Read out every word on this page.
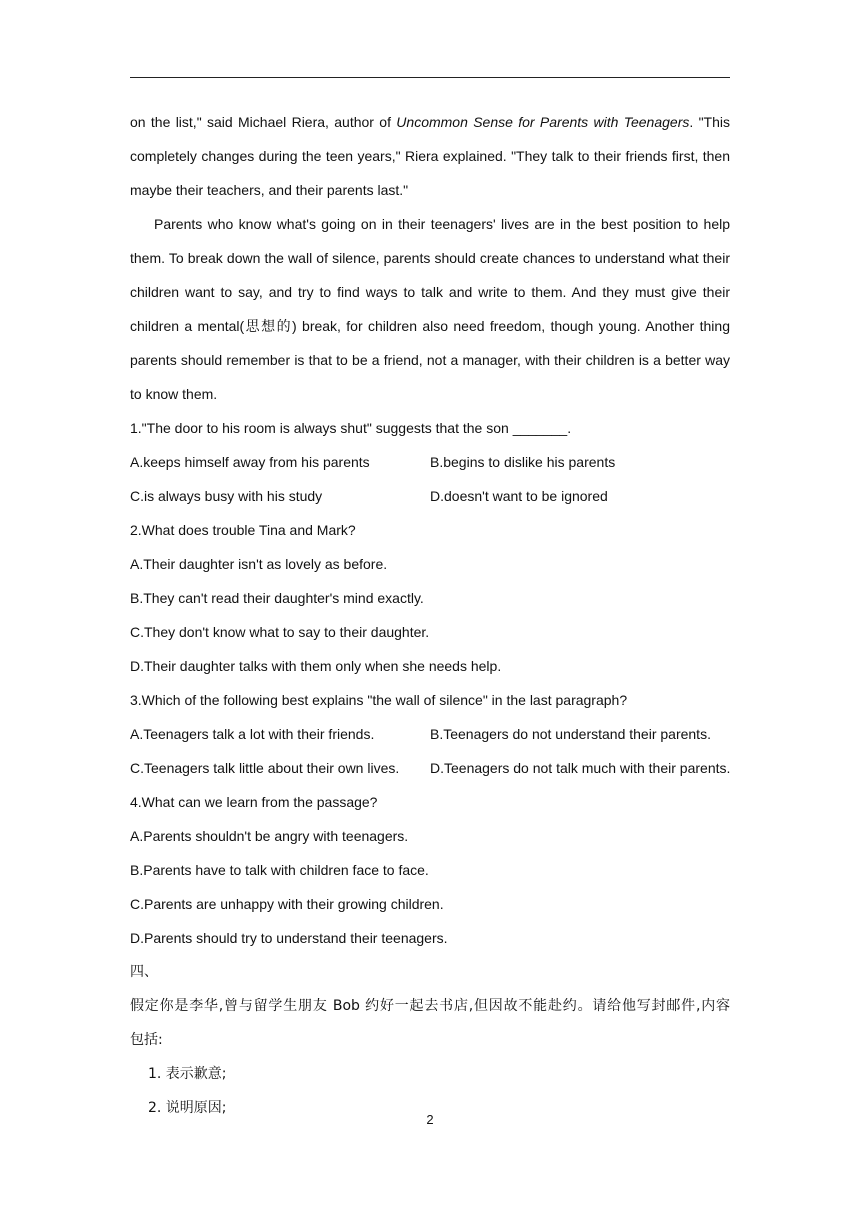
on the list," said Michael Riera, author of Uncommon Sense for Parents with Teenagers. "This
completely changes during the teen years," Riera explained. "They talk to their friends first, then
maybe their teachers, and their parents last."
Parents who know what's going on in their teenagers' lives are in the best position to help
them. To break down the wall of silence, parents should create chances to understand what their
children want to say, and try to find ways to talk and write to them. And they must give their
children a mental(思想的) break, for children also need freedom, though young. Another thing
parents should remember is that to be a friend, not a manager, with their children is a better way
to know them.
1."The door to his room is always shut" suggests that the son _______.
A.keeps himself away from his parents	B.begins to dislike his parents
C.is always busy with his study	D.doesn't want to be ignored
2.What does trouble Tina and Mark?
A.Their daughter isn't as lovely as before.
B.They can't read their daughter's mind exactly.
C.They don't know what to say to their daughter.
D.Their daughter talks with them only when she needs help.
3.Which of the following best explains "the wall of silence" in the last paragraph?
A.Teenagers talk a lot with their friends.	B.Teenagers do not understand their parents.
C.Teenagers talk little about their own lives. D.Teenagers do not talk much with their parents.
4.What can we learn from the passage?
A.Parents shouldn't be angry with teenagers.
B.Parents have to talk with children face to face.
C.Parents are unhappy with their growing children.
D.Parents should try to understand their teenagers.
四、
假定你是李华,曾与留学生朋友 Bob 约好一起去书店,但因故不能赴约。请给他写封邮件,内容
包括:
1. 表示歉意;
2. 说明原因;
2
